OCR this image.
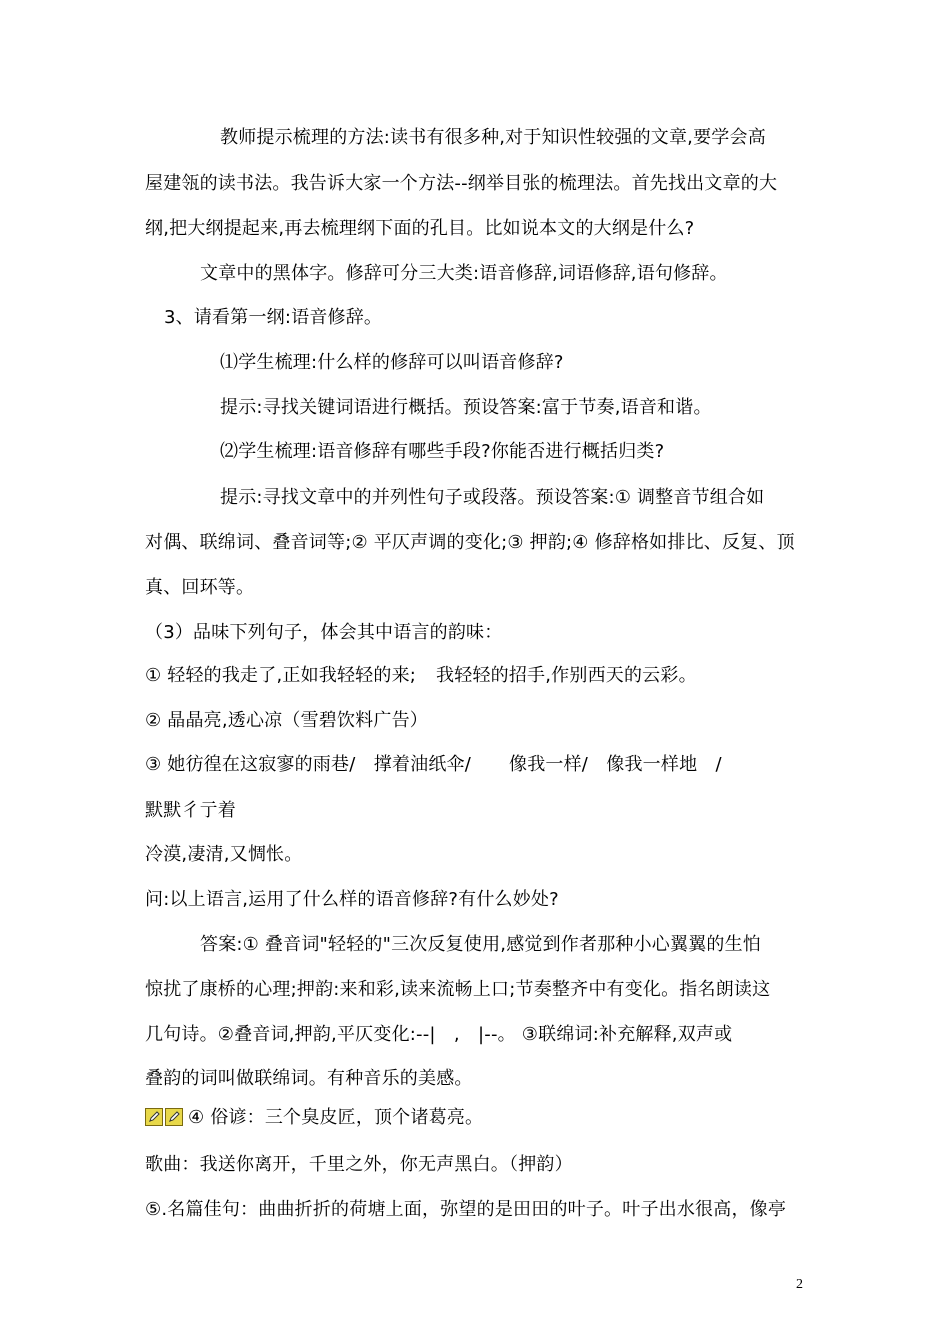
教师提示梳理的方法:读书有很多种,对于知识性较强的文章,要学会高
屋建瓴的读书法。我告诉大家一个方法--纲举目张的梳理法。首先找出文章的大
纲,把大纲提起来,再去梳理纲下面的孔目。比如说本文的大纲是什么?
文章中的黑体字。修辞可分三大类:语音修辞,词语修辞,语句修辞。
3、请看第一纲:语音修辞。
⑴学生梳理:什么样的修辞可以叫语音修辞?
提示:寻找关键词语进行概括。预设答案:富于节奏,语音和谐。
⑵学生梳理:语音修辞有哪些手段?你能否进行概括归类?
提示:寻找文章中的并列性句子或段落。预设答案:① 调整音节组合如
对偶、联绵词、叠音词等;② 平仄声调的变化;③ 押韵;④ 修辞格如排比、反复、顶
真、回环等。
（3）品味下列句子，体会其中语言的韵味：
① 轻轻的我走了,正如我轻轻的来; 我轻轻的招手,作别西天的云彩。
② 晶晶亮,透心凉（雪碧饮料广告）
③ 她彷徨在这寂寥的雨巷/　撑着油纸伞/ 像我一样/　像我一样地　/
默默彳亍着
冷漠,凄清,又惆怅。
问:以上语言,运用了什么样的语音修辞?有什么妙处?
答案:① 叠音词"轻轻的"三次反复使用,感觉到作者那种小心翼翼的生怕
惊扰了康桥的心理;押韵:来和彩,读来流畅上口;节奏整齐中有变化。指名朗读这
几句诗。②叠音词,押韵,平仄变化:--|　,　|--。 ③联绵词:补充解释,双声或
叠韵的词叫做联绵词。有种音乐的美感。
④ 俗谚：三个臭皮匠，顶个诸葛亮。
歌曲：我送你离开，千里之外，你无声黑白。（押韵）
⑤.名篇佳句：曲曲折折的荷塘上面，弥望的是田田的叶子。叶子出水很高，像亭
2
